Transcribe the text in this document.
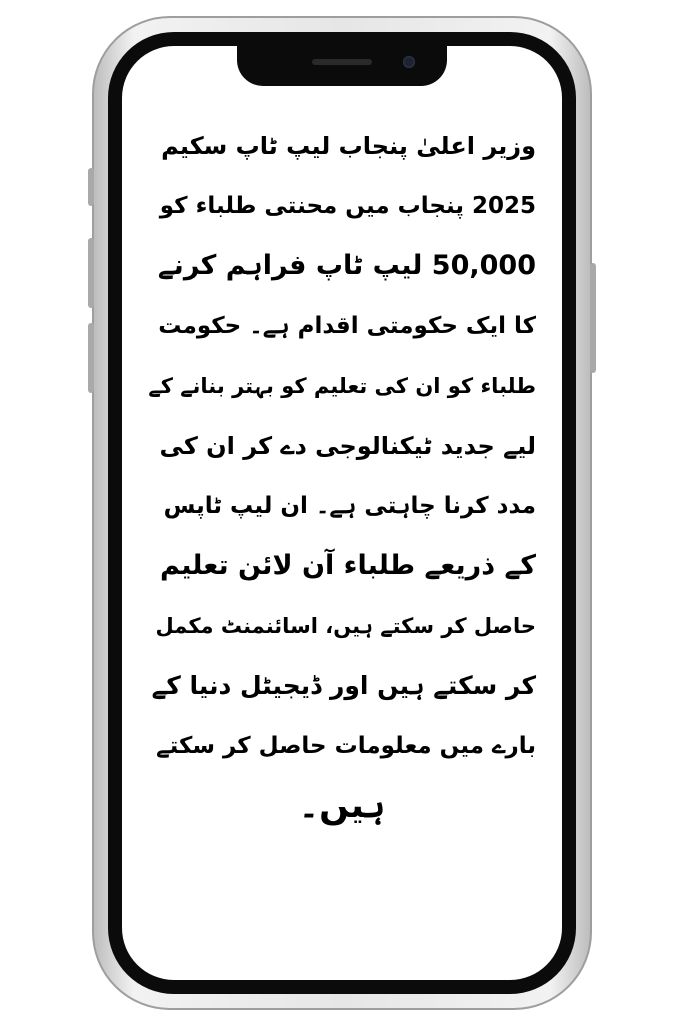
وزیر اعلیٰ پنجاب لیپ ٹاپ سکیم
2025 پنجاب میں محنتی طلباء کو
50,000 لیپ ٹاپ فراہم کرنے
کا ایک حکومتی اقدام ہے۔ حکومت
طلباء کو ان کی تعلیم کو بہتر بنانے کے
لیے جدید ٹیکنالوجی دے کر ان کی
مدد کرنا چاہتی ہے۔ ان لیپ ٹاپس
کے ذریعے طلباء آن لائن تعلیم
حاصل کر سکتے ہیں، اسائنمنٹ مکمل
کر سکتے ہیں اور ڈیجیٹل دنیا کے
بارے میں معلومات حاصل کر سکتے
ہیں۔
